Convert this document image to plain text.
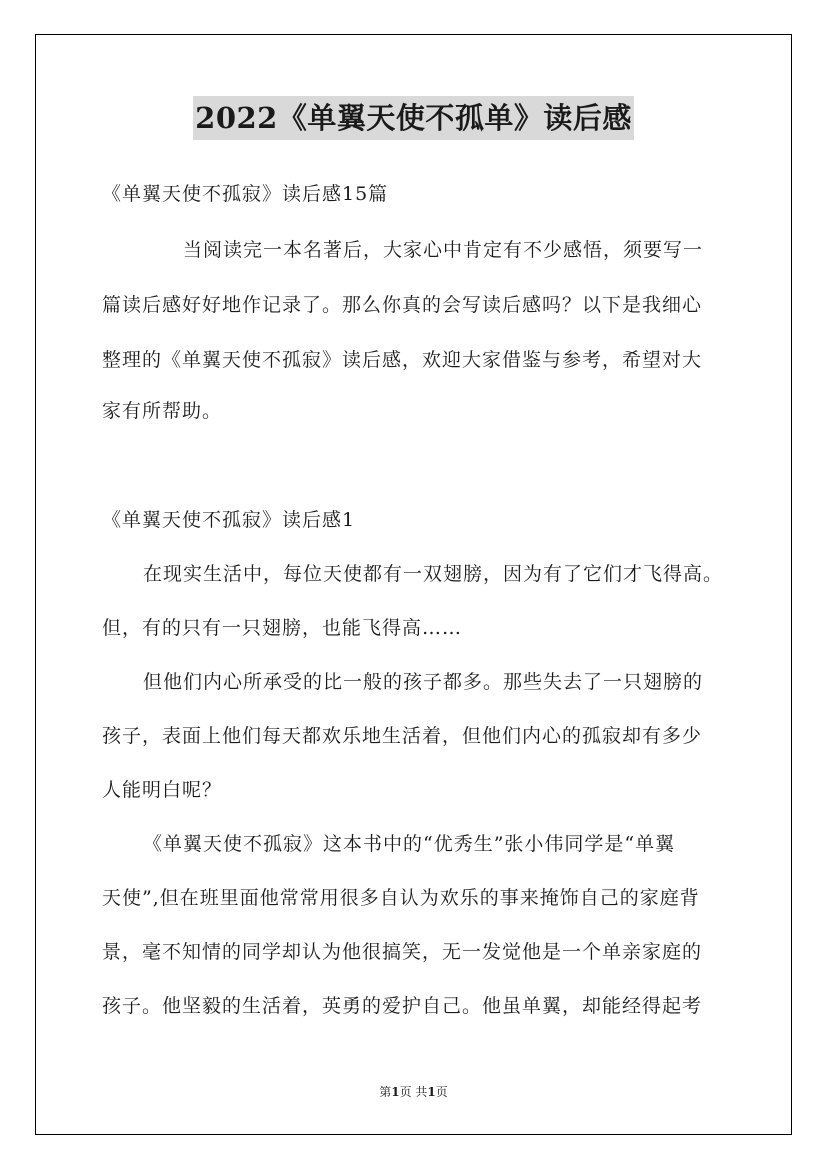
2022《单翼天使不孤单》读后感
《单翼天使不孤寂》读后感15篇
当阅读完一本名著后，大家心中肯定有不少感悟，须要写一
篇读后感好好地作记录了。那么你真的会写读后感吗？以下是我细心
整理的《单翼天使不孤寂》读后感，欢迎大家借鉴与参考，希望对大
家有所帮助。
《单翼天使不孤寂》读后感1
在现实生活中，每位天使都有一双翅膀，因为有了它们才飞得高。
但，有的只有一只翅膀，也能飞得高……
但他们内心所承受的比一般的孩子都多。那些失去了一只翅膀的
孩子，表面上他们每天都欢乐地生活着，但他们内心的孤寂却有多少
人能明白呢？
《单翼天使不孤寂》这本书中的“优秀生”张小伟同学是“单翼
天使”,但在班里面他常常用很多自认为欢乐的事来掩饰自己的家庭背
景，毫不知情的同学却认为他很搞笑，无一发觉他是一个单亲家庭的
孩子。他坚毅的生活着，英勇的爱护自己。他虽单翼，却能经得起考
第1页 共1页
